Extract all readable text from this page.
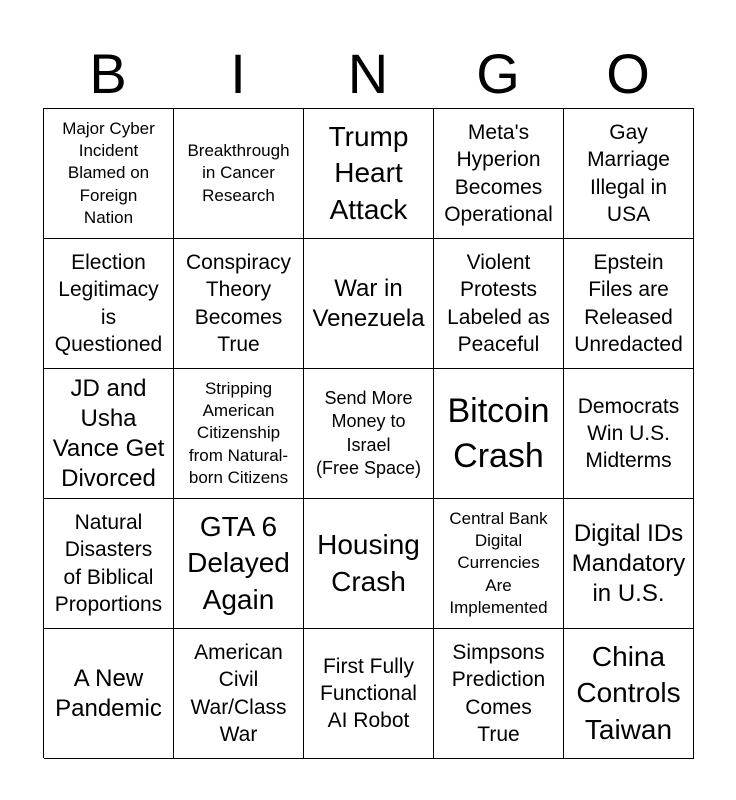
B	I	N	G	O
Major Cyber
Incident
Blamed on
Foreign
Nation
Breakthrough
in Cancer
Research
Trump
Heart
Attack
Meta's
Hyperion
Becomes
Operational
Gay
Marriage
Illegal in
USA
Election
Legitimacy
is
Questioned
Conspiracy
Theory
Becomes
True
War in
Venezuela
Violent
Protests
Labeled as
Peaceful
Epstein
Files are
Released
Unredacted
JD and
Usha
Vance Get
Divorced
Stripping
American
Citizenship
from Natural-
born Citizens
Send More
Money to
Israel
(Free Space)
Bitcoin
Crash
Democrats
Win U.S.
Midterms
Natural
Disasters
of Biblical
Proportions
GTA 6
Delayed
Again
Housing
Crash
Central Bank
Digital
Currencies
Are
Implemented
Digital IDs
Mandatory
in U.S.
A New
Pandemic
American
Civil
War/Class
War
First Fully
Functional
AI Robot
Simpsons
Prediction
Comes
True
China
Controls
Taiwan
